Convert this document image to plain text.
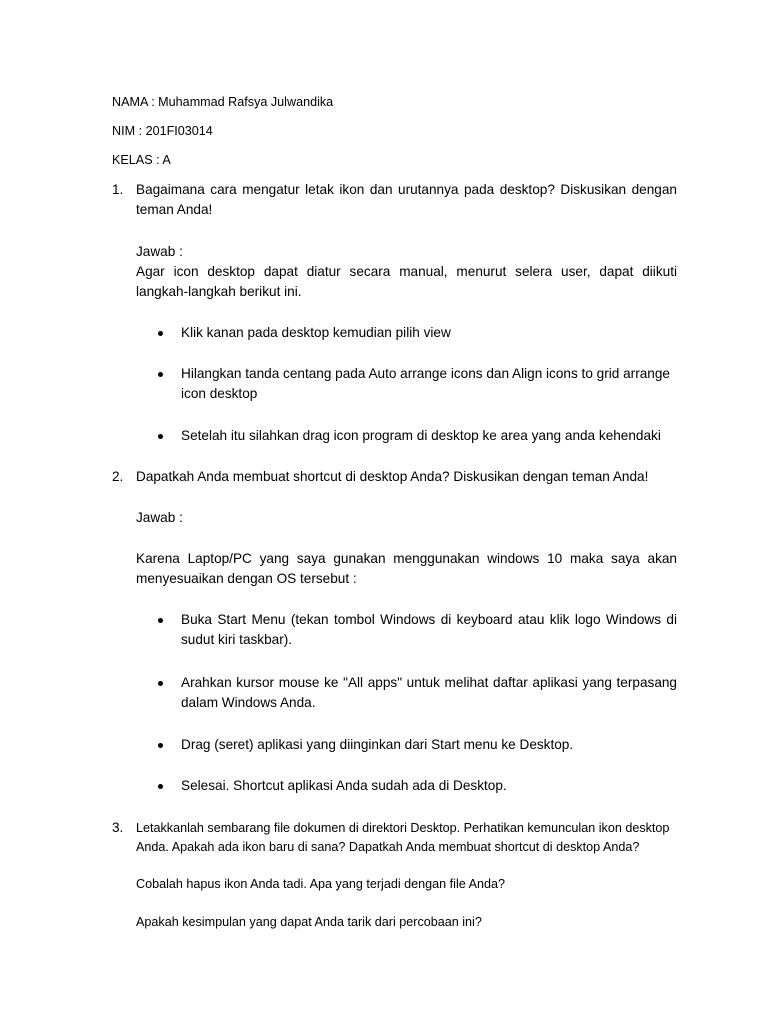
NAMA : Muhammad Rafsya Julwandika
NIM : 201FI03014
KELAS : A
1. Bagaimana cara mengatur letak ikon dan urutannya pada desktop? Diskusikan dengan
teman Anda!
Jawab :
Agar icon desktop dapat diatur secara manual, menurut selera user, dapat diikuti
langkah-langkah berikut ini.
Klik kanan pada desktop kemudian pilih view
Hilangkan tanda centang pada Auto arrange icons dan Align icons to grid arrange
icon desktop
Setelah itu silahkan drag icon program di desktop ke area yang anda kehendaki
2. Dapatkah Anda membuat shortcut di desktop Anda? Diskusikan dengan teman Anda!
Jawab :
Karena Laptop/PC yang saya gunakan menggunakan windows 10 maka saya akan
menyesuaikan dengan OS tersebut :
Buka Start Menu (tekan tombol Windows di keyboard atau klik logo Windows di
sudut kiri taskbar).
Arahkan kursor mouse ke "All apps" untuk melihat daftar aplikasi yang terpasang
dalam Windows Anda.
Drag (seret) aplikasi yang diinginkan dari Start menu ke Desktop.
Selesai. Shortcut aplikasi Anda sudah ada di Desktop.
3. Letakkanlah sembarang file dokumen di direktori Desktop. Perhatikan kemunculan ikon desktop
Anda. Apakah ada ikon baru di sana? Dapatkah Anda membuat shortcut di desktop Anda?
Cobalah hapus ikon Anda tadi. Apa yang terjadi dengan file Anda?
Apakah kesimpulan yang dapat Anda tarik dari percobaan ini?
